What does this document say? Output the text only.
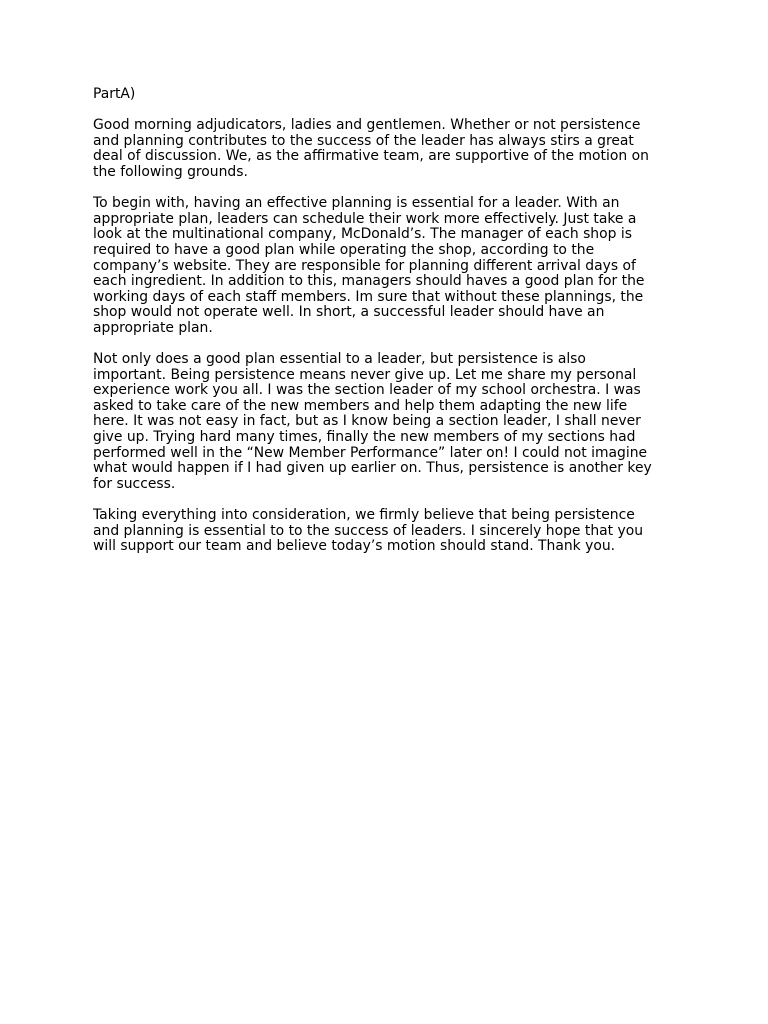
PartA)
Good morning adjudicators, ladies and gentlemen. Whether or not persistence
and planning contributes to the success of the leader has always stirs a great
deal of discussion. We, as the affirmative team, are supportive of the motion on
the following grounds.
To begin with, having an effective planning is essential for a leader. With an
appropriate plan, leaders can schedule their work more effectively. Just take a
look at the multinational company, McDonald’s. The manager of each shop is
required to have a good plan while operating the shop, according to the
company’s website. They are responsible for planning different arrival days of
each ingredient. In addition to this, managers should haves a good plan for the
working days of each staff members. Im sure that without these plannings, the
shop would not operate well. In short, a successful leader should have an
appropriate plan.
Not only does a good plan essential to a leader, but persistence is also
important. Being persistence means never give up. Let me share my personal
experience work you all. I was the section leader of my school orchestra. I was
asked to take care of the new members and help them adapting the new life
here. It was not easy in fact, but as I know being a section leader, I shall never
give up. Trying hard many times, finally the new members of my sections had
performed well in the “New Member Performance” later on! I could not imagine
what would happen if I had given up earlier on. Thus, persistence is another key
for success.
Taking everything into consideration, we firmly believe that being persistence
and planning is essential to to the success of leaders. I sincerely hope that you
will support our team and believe today’s motion should stand. Thank you.
